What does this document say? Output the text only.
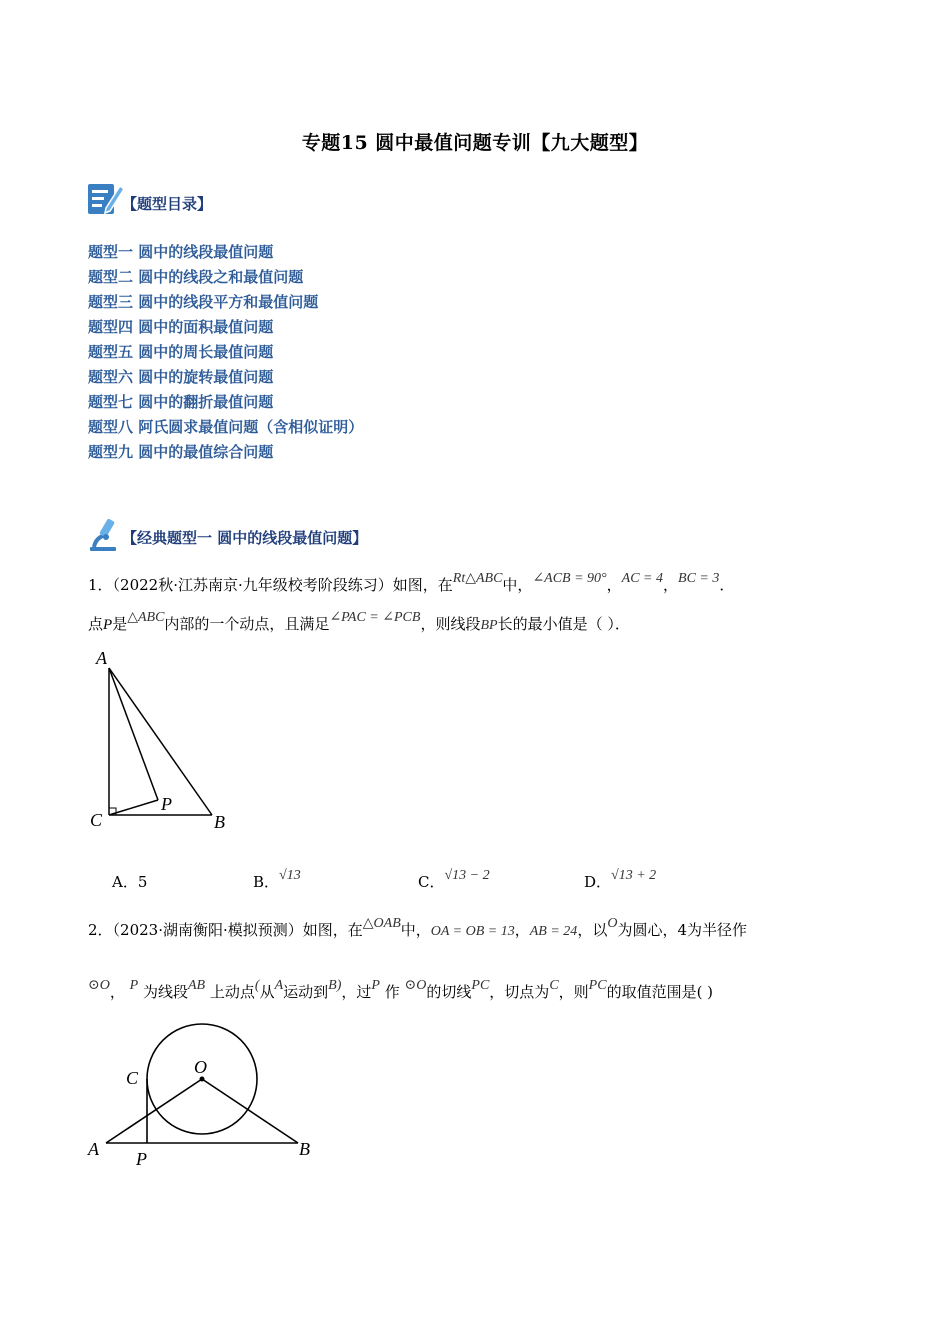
专题15 圆中最值问题专训【九大题型】
【题型目录】
题型一 圆中的线段最值问题
题型二 圆中的线段之和最值问题
题型三 圆中的线段平方和最值问题
题型四 圆中的面积最值问题
题型五 圆中的周长最值问题
题型六 圆中的旋转最值问题
题型七 圆中的翻折最值问题
题型八 阿氏圆求最值问题（含相似证明）
题型九 圆中的最值综合问题
【经典题型一 圆中的线段最值问题】
1．（2022秋·江苏南京·九年级校考阶段练习）如图，在Rt△ABC中，∠ACB = 90°，AC = 4，BC = 3．
点P是△ABC内部的一个动点，且满足∠PAC = ∠PCB，则线段BP长的最小值是（ ）．
A
C	B
P
A．5	B．√13	C．√13 − 2	D．√13 + 2
2．（2023·湖南衡阳·模拟预测）如图，在△OAB中，OA = OB = 13，AB = 24，以O为圆心，4为半径作
⊙O， P 为线段AB 上动点(从A运动到B)，过P 作 ⊙O的切线PC，切点为C，则PC的取值范围是( )
O
C
A P	B
